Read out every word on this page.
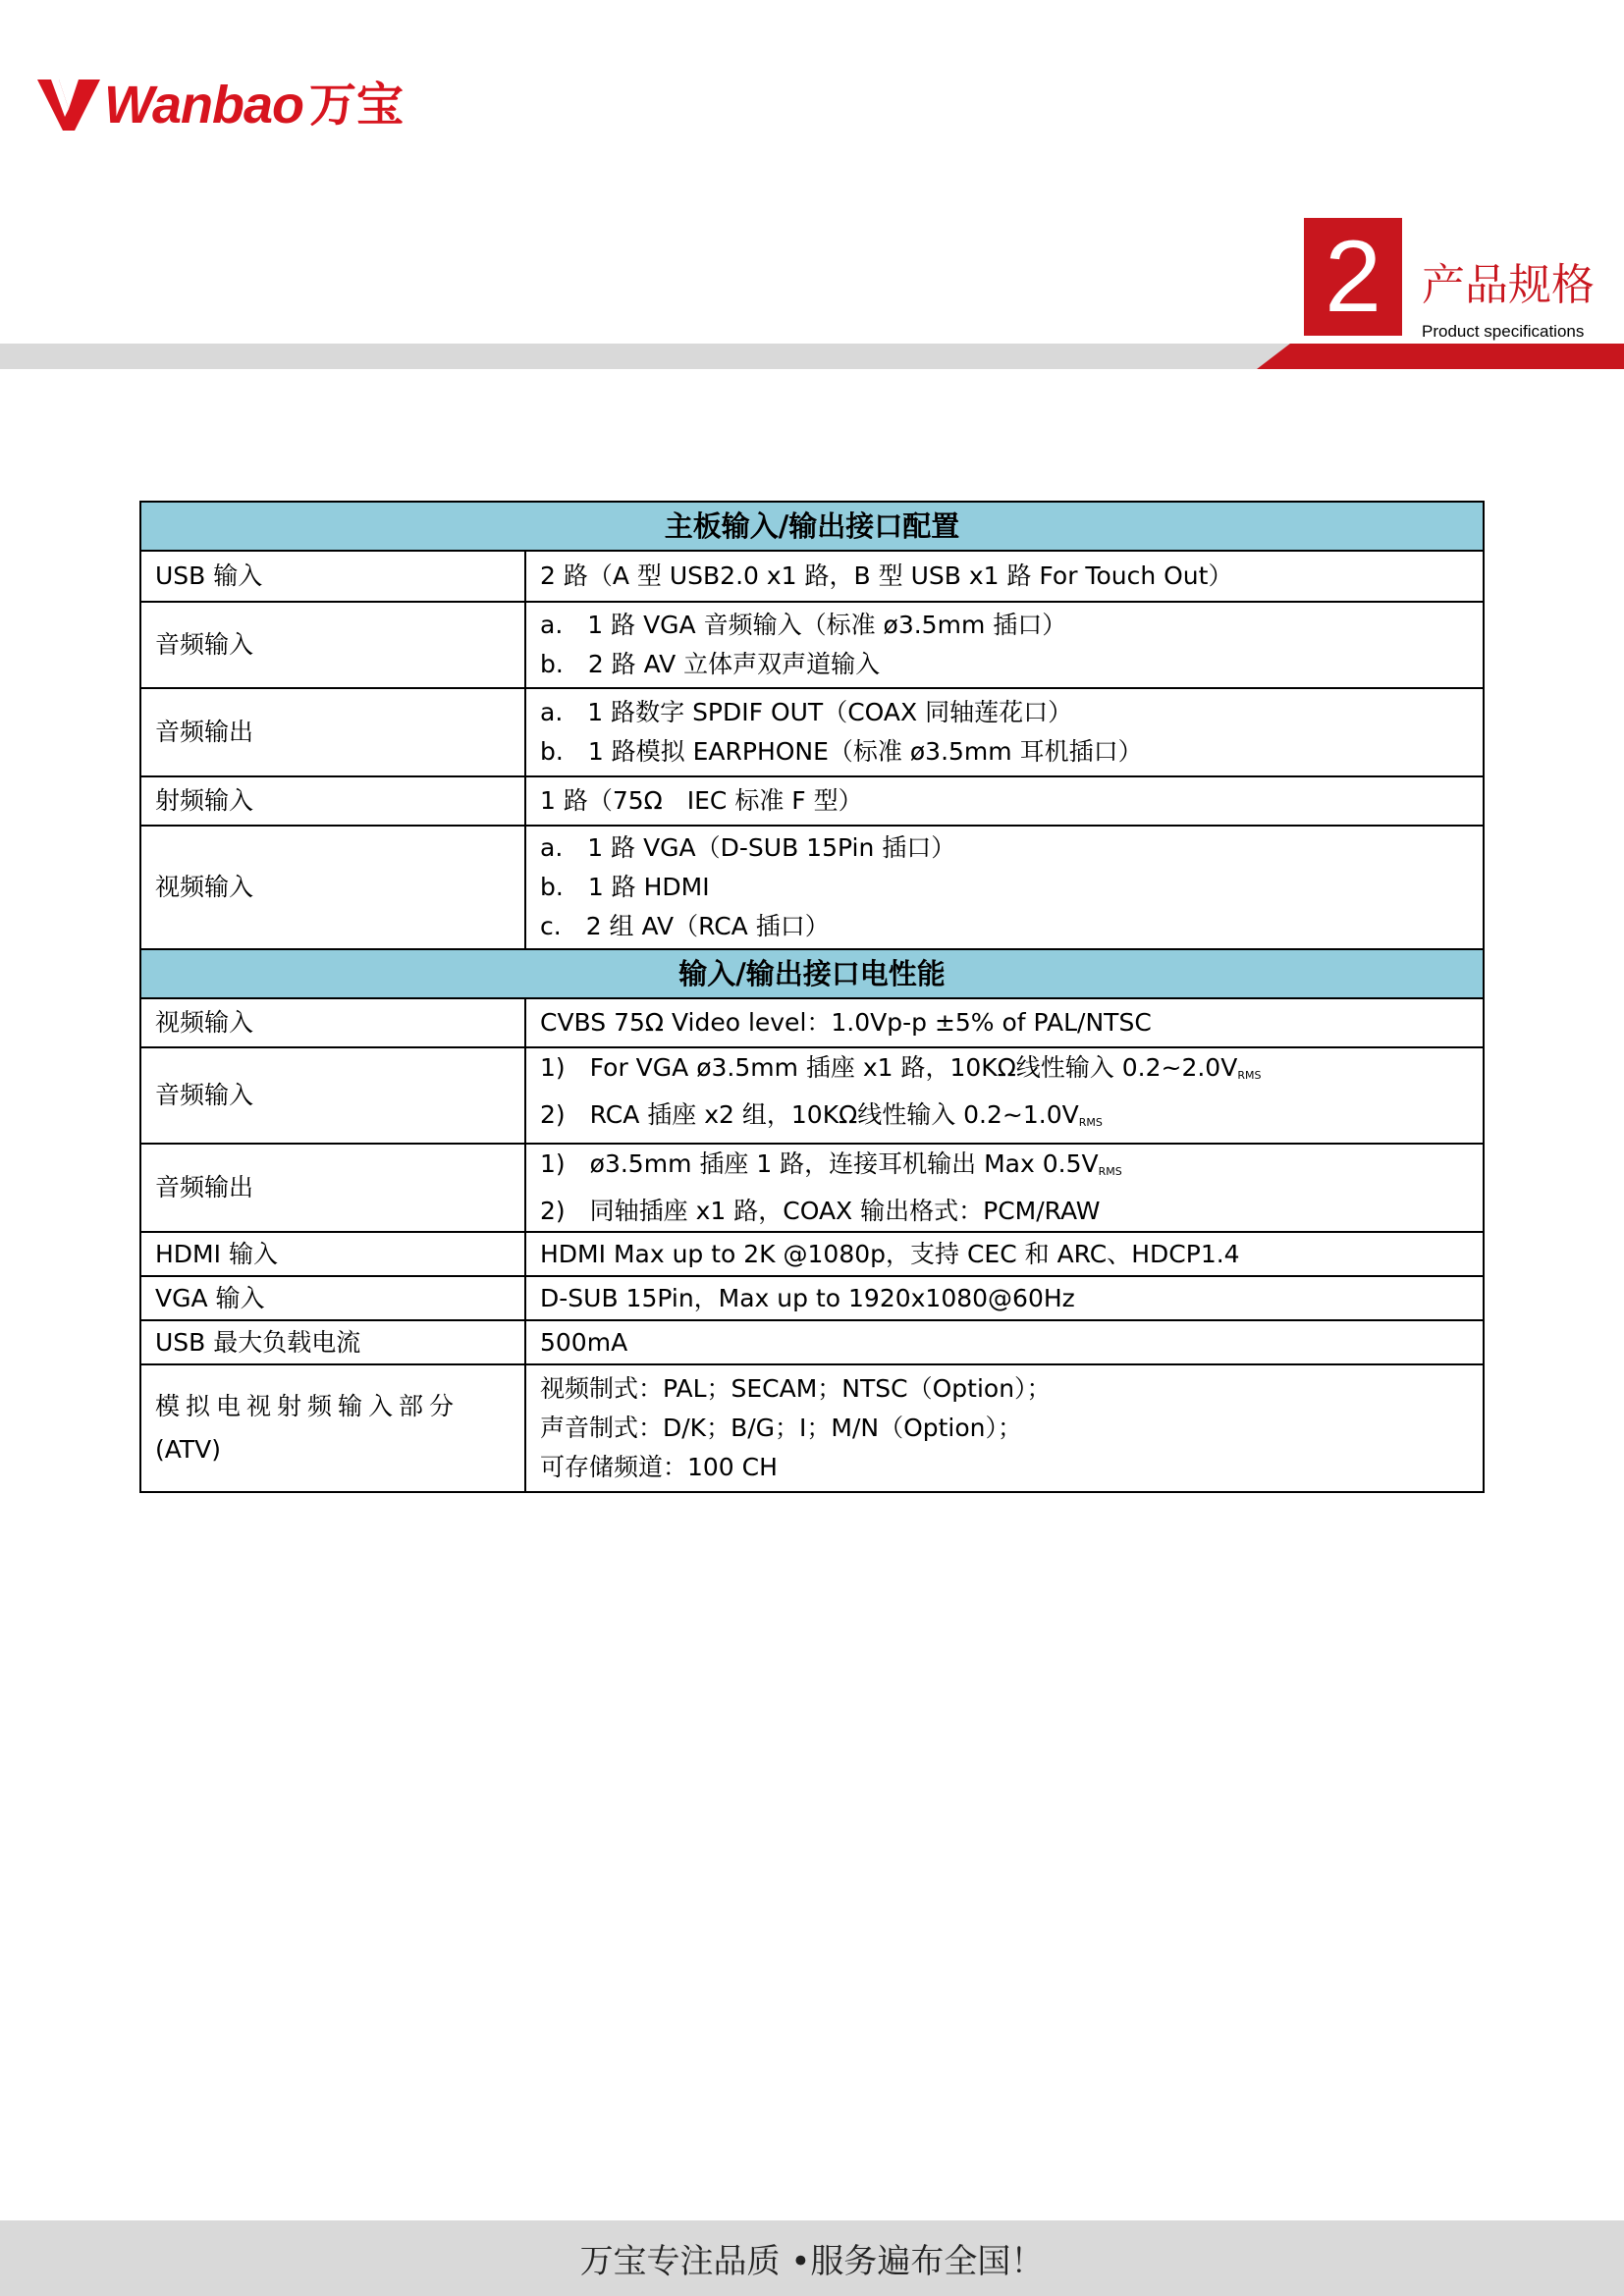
Wanbao 万宝
2 产品规格
Product specifications
主板输入/输出接口配置	
USB 输入	2 路（A 型 USB2.0 x1 路，B 型 USB x1 路 For Touch Out）

音频输入	a.　1 路 VGA 音频输入（标准 ø3.5mm 插口）
b.　2 路 AV 立体声双声道输入

音频输出	a.　1 路数字 SPDIF OUT（COAX 同轴莲花口）
b.　1 路模拟 EARPHONE（标准 ø3.5mm 耳机插口）

射频输入	1 路（75Ω　IEC 标准 F 型）

视频输入	a.　1 路 VGA（D-SUB 15Pin 插口）
b.　1 路 HDMI
c.　2 组 AV（RCA 插口）

输入/输出接口电性能	
视频输入	CVBS 75Ω Video level：1.0Vp-p ±5% of PAL/NTSC

音频输入	1)　For VGA ø3.5mm 插座 x1 路，10KΩ线性输入 $0.2\sim 2.0V_{RMS}$
2)　RCA 插座 x2 组，10KΩ线性输入 $0.2\sim 1.0V_{RMS}$

音频输出	1)　ø3.5mm 插座 1 路，连接耳机输出 Max $0.5V_{RMS}$
2)　同轴插座 x1 路，COAX 输出格式：PCM/RAW

HDMI 输入	HDMI Max up to 2K @1080p，支持 CEC 和 ARC、HDCP1.4

VGA 输入	D-SUB 15Pin，Max up to 1920x1080@60Hz

USB 最大负载电流	500mA

模拟电视射频输入部分
(ATV)	视频制式：PAL；SECAM；NTSC（Option）；
声音制式：D/K；B/G；I；M/N（Option）；
可存储频道：100 CH
万宝专注品质 •服务遍布全国！
